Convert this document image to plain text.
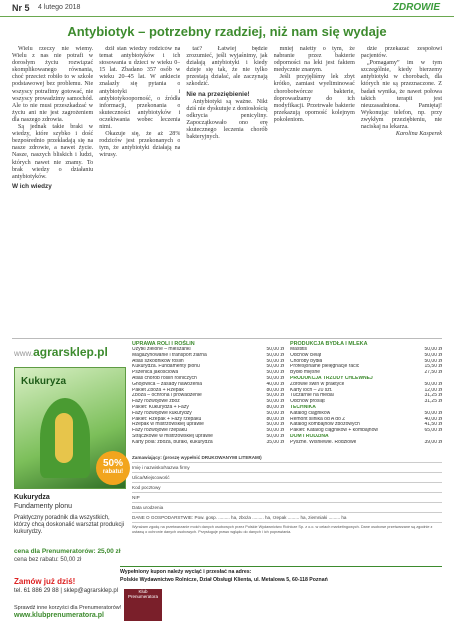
Nr 5 4 lutego 2018	ZDROWIE
Antybiotyk – potrzebny rzadziej, niż nam się wydaje

Wielu rzeczy nie wiemy. Wielu z nas nie potrafi w dorosłym życiu rozwiązać skomplikowanego równania, choć przecież robiło to w szkole podstawowej bez problemu. Nie wszyscy potrafimy gotować, nie wszyscy prowadzimy samochód. Ale to nie musi przeszkadzać w życiu ani nie jest zagrożeniem dla naszego zdrowia.

Są jednak takie braki w wiedzy, które szybko i dość bezpośrednio przekładają się na nasze zdrowie, a nawet życie. Nasze, naszych bliskich i ludzi, których nawet nie znamy. To brak wiedzy o działaniu antybiotyków.

W ich wiedzy

dził stan wiedzy rodziców na temat antybiotyków i ich stosowania u dzieci w wieku 0–15 lat. Zbadano 357 osób w wieku 20–45 lat. W ankiecie znalazły się pytania o antybiotyki i antybiotykooporność, o źródła informacji, przekonania o skuteczności antybiotyków i oczekiwania wobec leczenia nimi.

Okazuje się, że aż 28% rodziców jest przekonanych o tym, że antybiotyki działają na wirusy.

tać? Łatwiej będzie zrozumieć, jeśli wyjaśnimy, jak działają antybiotyki i kiedy dzieje się tak, że nie tylko przestają działać, ale zaczynają szkodzić.

Nie na przeziębienie!

Antybiotyki są ważne. Nikt dziś nie dyskutuje z doniosłością odkrycia penicyliny. Zapoczątkowało ono erę skutecznego leczenia chorób bakteryjnych.

mniej naletty o tym, że nabranie przez bakterie odporności na leki jest faktem medycznie znanym.

Jeśli przyjęliśmy lek zbyt krótko, zamiast wyeliminować chorobotwórcze bakterie, doprowadzamy do ich modyfikacji. Przetrwałe bakterie przekazują oporność kolejnym pokoleniom.

dzie przekazać zespołowi pacjentów.

„Pomagamy” im w tym szczególnie, kiedy bierzemy antybiotyki w chorobach, dla których nie są przeznaczone. Z badań wynika, że nawet połowa takich terapii jest nieuzasadniona. Pamiętaj! Wykonując telefon, np. przy zwykłym przeziębieniu, nie naciskaj na lekarza.

Karolina Kasperek

www.agrarsklep.pl
Kukuryza
50%
rabatu!
Kukurydza
Fundamenty plonu
Praktyczny poradnik dla wszystkich, którzy chcą doskonalić warsztat produkcji kukurydzy.
cena dla Prenumeratorów: 25,00 zł
cena bez rabatu: 50,00 zł
Zamów już dziś!
tel. 61 886 29 88 | sklep@agrarsklep.pl
Sprawdź inne korzyści dla Prenumeratorów!
www.klubprenumeratora.pl
Klub Prenumeratora
UPRAWA ROLI I ROŚLIN
Użytki zielone – mieszanki	50,00 zł
Magazynowanie i transport ziarna	50,00 zł
Atlas szkodników roślin	50,00 zł
Kukurydza. Fundamenty plonu	50,00 zł
Pszenica jakościowa	50,00 zł
Atlas chorób roślin rolniczych	50,00 zł
Gnojowica – zasady nawożenia	40,00 zł
Pakiet Zboża + Rzepak	80,00 zł
Zboża – ochrona i prowadzenie	50,00 zł
Fazy rozwojowe zbóż	50,00 zł
Pakiet: Kukurydza + Fazy	80,00 zł
Fazy rozwojowe kukurydzy	50,00 zł
Pakiet: Rzepak + Fazy rzepaku	80,00 zł
Rzepak w mistrzowskiej uprawie	50,00 zł
Fazy rozwojowe rzepaku	50,00 zł
Strączkowe w mistrzowskiej uprawie	50,00 zł
Karty pola: zboża, buraki, kukurydza	35,00 zł
PRODUKCJA BYDŁA I MLEKA
Mastitis	50,00 zł
Odchów cieląt	50,00 zł
Choroby bydła	50,00 zł
Profesjonalne pielęgnacje racic	15,50 zł
Bydło mięsne	27,50 zł
PRODUKCJA TRZODY CHLEWNEJ
Zdrowie świń w praktyce	50,00 zł
Karty loch – 20 szt.	12,00 zł
Tuczarnie na medal	31,25 zł
Odchów prosiąt	31,25 zł
TECHNIKA
Katalog ciągników	50,00 zł
Remont silnika od A do Z	40,00 zł
Katalog kombajnów zbożowych	41,50 zł
Pakiet: Katalog ciągników + kombajnów	65,00 zł
DOM I RODZINA
Pyszne. Wiśniewie. Rodziowe	39,00 zł
Zamawiający: (proszę wypełnić DRUKOWANYMI LITERAMI)
Imię i nazwisko/Nazwa firmy
Ulica/Miejscowość
Kod pocztowy
NIP
Data urodzenia
DANE O GOSPODARSTWIE: Pow. gosp. ......... ha, zboża ......... ha, rzepak ......... ha, ziemniaki ......... ha
Wyrażam zgodę na przetwarzanie moich danych osobowych przez Polskie Wydawnictwo Rolnicze Sp. z o.o. w celach marketingowych. Dane osobowe przetwarzane są zgodnie z ustawą o ochronie danych osobowych. Przysługuje prawo wglądu do danych i ich poprawiania.
Wypełniony kupon należy wyciąć i przesłać na adres:
Polskie Wydawnictwo Rolnicze, Dział Obsługi Klienta, ul. Metalowa 5, 60-118 Poznań
